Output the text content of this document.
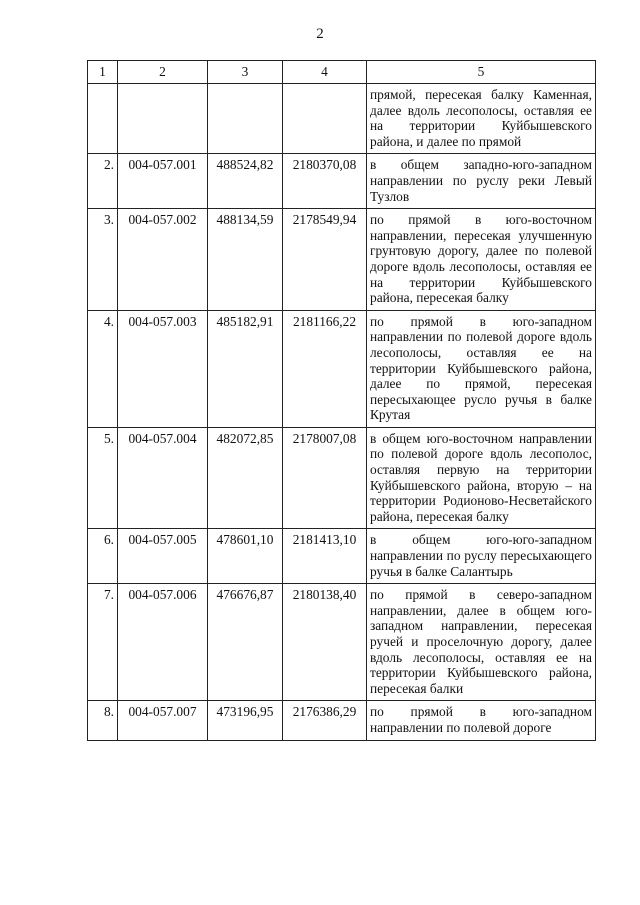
2
1	2	3	4	5
				прямой, пересекая балку Каменная, далее вдоль лесополосы, оставляя ее на территории Куйбышевского района, и далее по прямой
2.	004-057.001	488524,82	2180370,08	в общем западно-юго-западном направлении по руслу реки Левый Тузлов
3.	004-057.002	488134,59	2178549,94	по прямой в юго-восточном направлении, пересекая улучшенную грунтовую дорогу, далее по полевой дороге вдоль лесополосы, оставляя ее на территории Куйбышевского района, пересекая балку
4.	004-057.003	485182,91	2181166,22	по прямой в юго-западном направлении по полевой дороге вдоль лесополосы, оставляя ее на территории Куйбышевского района, далее по прямой, пересекая пересыхающее русло ручья в балке Крутая
5.	004-057.004	482072,85	2178007,08	в общем юго-восточном направлении по полевой дороге вдоль лесополос, оставляя первую на территории Куйбышевского района, вторую – на территории Родионово-Несветайского района, пересекая балку
6.	004-057.005	478601,10	2181413,10	в общем юго-юго-западном направлении по руслу пересыхающего ручья в балке Салантырь
7.	004-057.006	476676,87	2180138,40	по прямой в северо-западном направлении, далее в общем юго-западном направлении, пересекая ручей и проселочную дорогу, далее вдоль лесополосы, оставляя ее на территории Куйбышевского района, пересекая балки
8.	004-057.007	473196,95	2176386,29	по прямой в юго-западном направлении по полевой дороге
